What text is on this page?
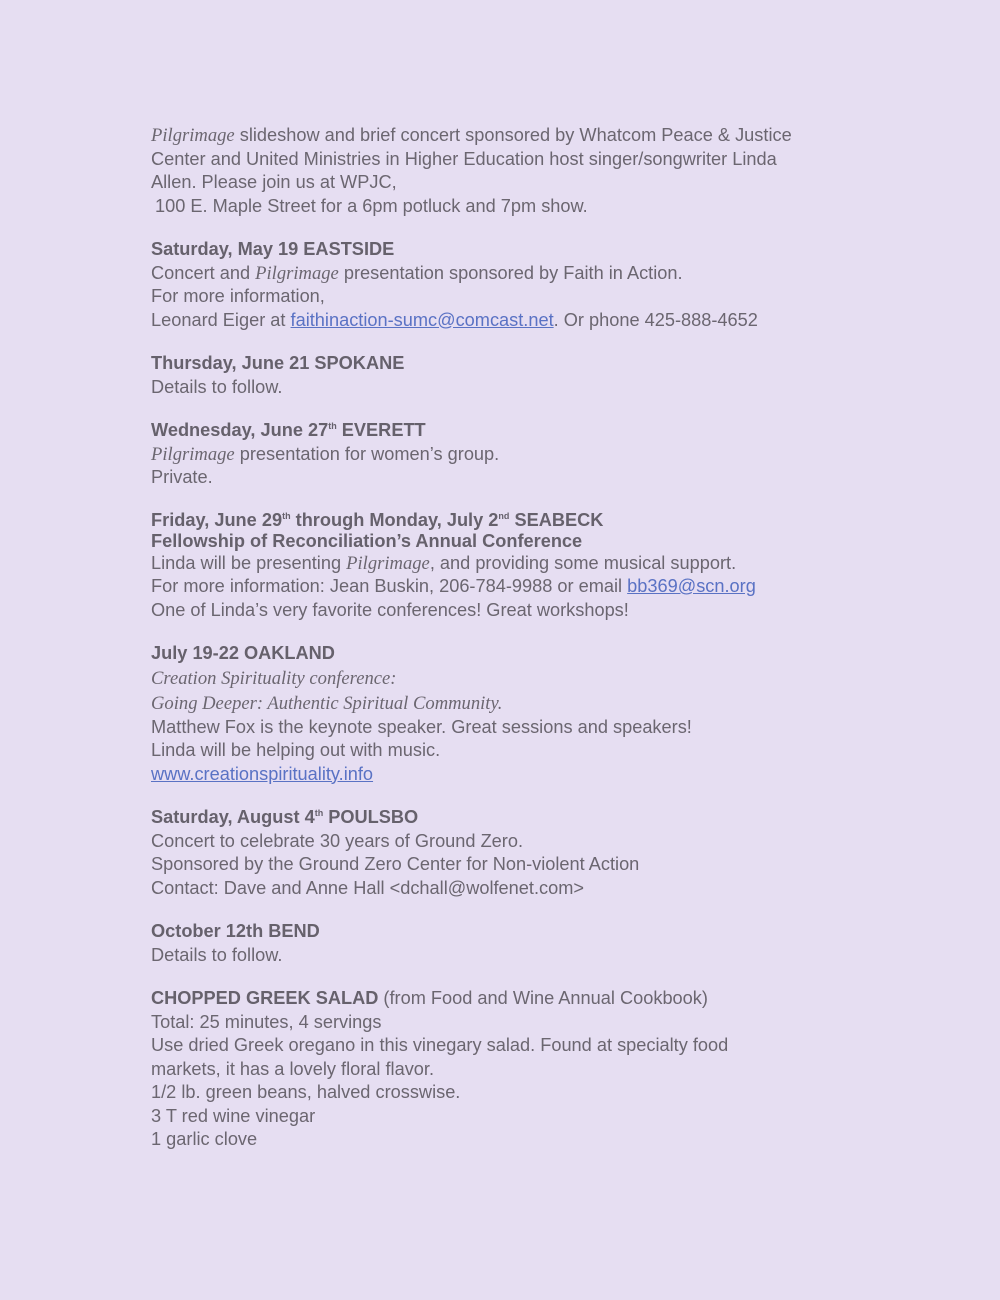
Pilgrimage slideshow and brief concert sponsored by Whatcom Peace & Justice
Center and United Ministries in Higher Education host singer/songwriter Linda
Allen. Please join us at WPJC,
100 E. Maple Street for a 6pm potluck and 7pm show.
Saturday, May 19 EASTSIDE
Concert and Pilgrimage presentation sponsored by Faith in Action.
For more information,
Leonard Eiger at faithinaction-sumc@comcast.net. Or phone 425-888-4652
Thursday, June 21 SPOKANE
Details to follow.
Wednesday, June 27th EVERETT
Pilgrimage presentation for women’s group.
Private.
Friday, June 29th through Monday, July 2nd SEABECK
Fellowship of Reconciliation’s Annual Conference
Linda will be presenting Pilgrimage, and providing some musical support.
For more information: Jean Buskin, 206-784-9988 or email bb369@scn.org
One of Linda’s very favorite conferences! Great workshops!
July 19-22 OAKLAND
Creation Spirituality conference:
Going Deeper: Authentic Spiritual Community.
Matthew Fox is the keynote speaker. Great sessions and speakers!
Linda will be helping out with music.
www.creationspirituality.info
Saturday, August 4th POULSBO
Concert to celebrate 30 years of Ground Zero.
Sponsored by the Ground Zero Center for Non-violent Action
Contact: Dave and Anne Hall <dchall@wolfenet.com>
October 12th BEND
Details to follow.
CHOPPED GREEK SALAD (from Food and Wine Annual Cookbook)
Total: 25 minutes, 4 servings
Use dried Greek oregano in this vinegary salad. Found at specialty food
markets, it has a lovely floral flavor.
1/2 lb. green beans, halved crosswise.
3 T red wine vinegar
1 garlic clove
